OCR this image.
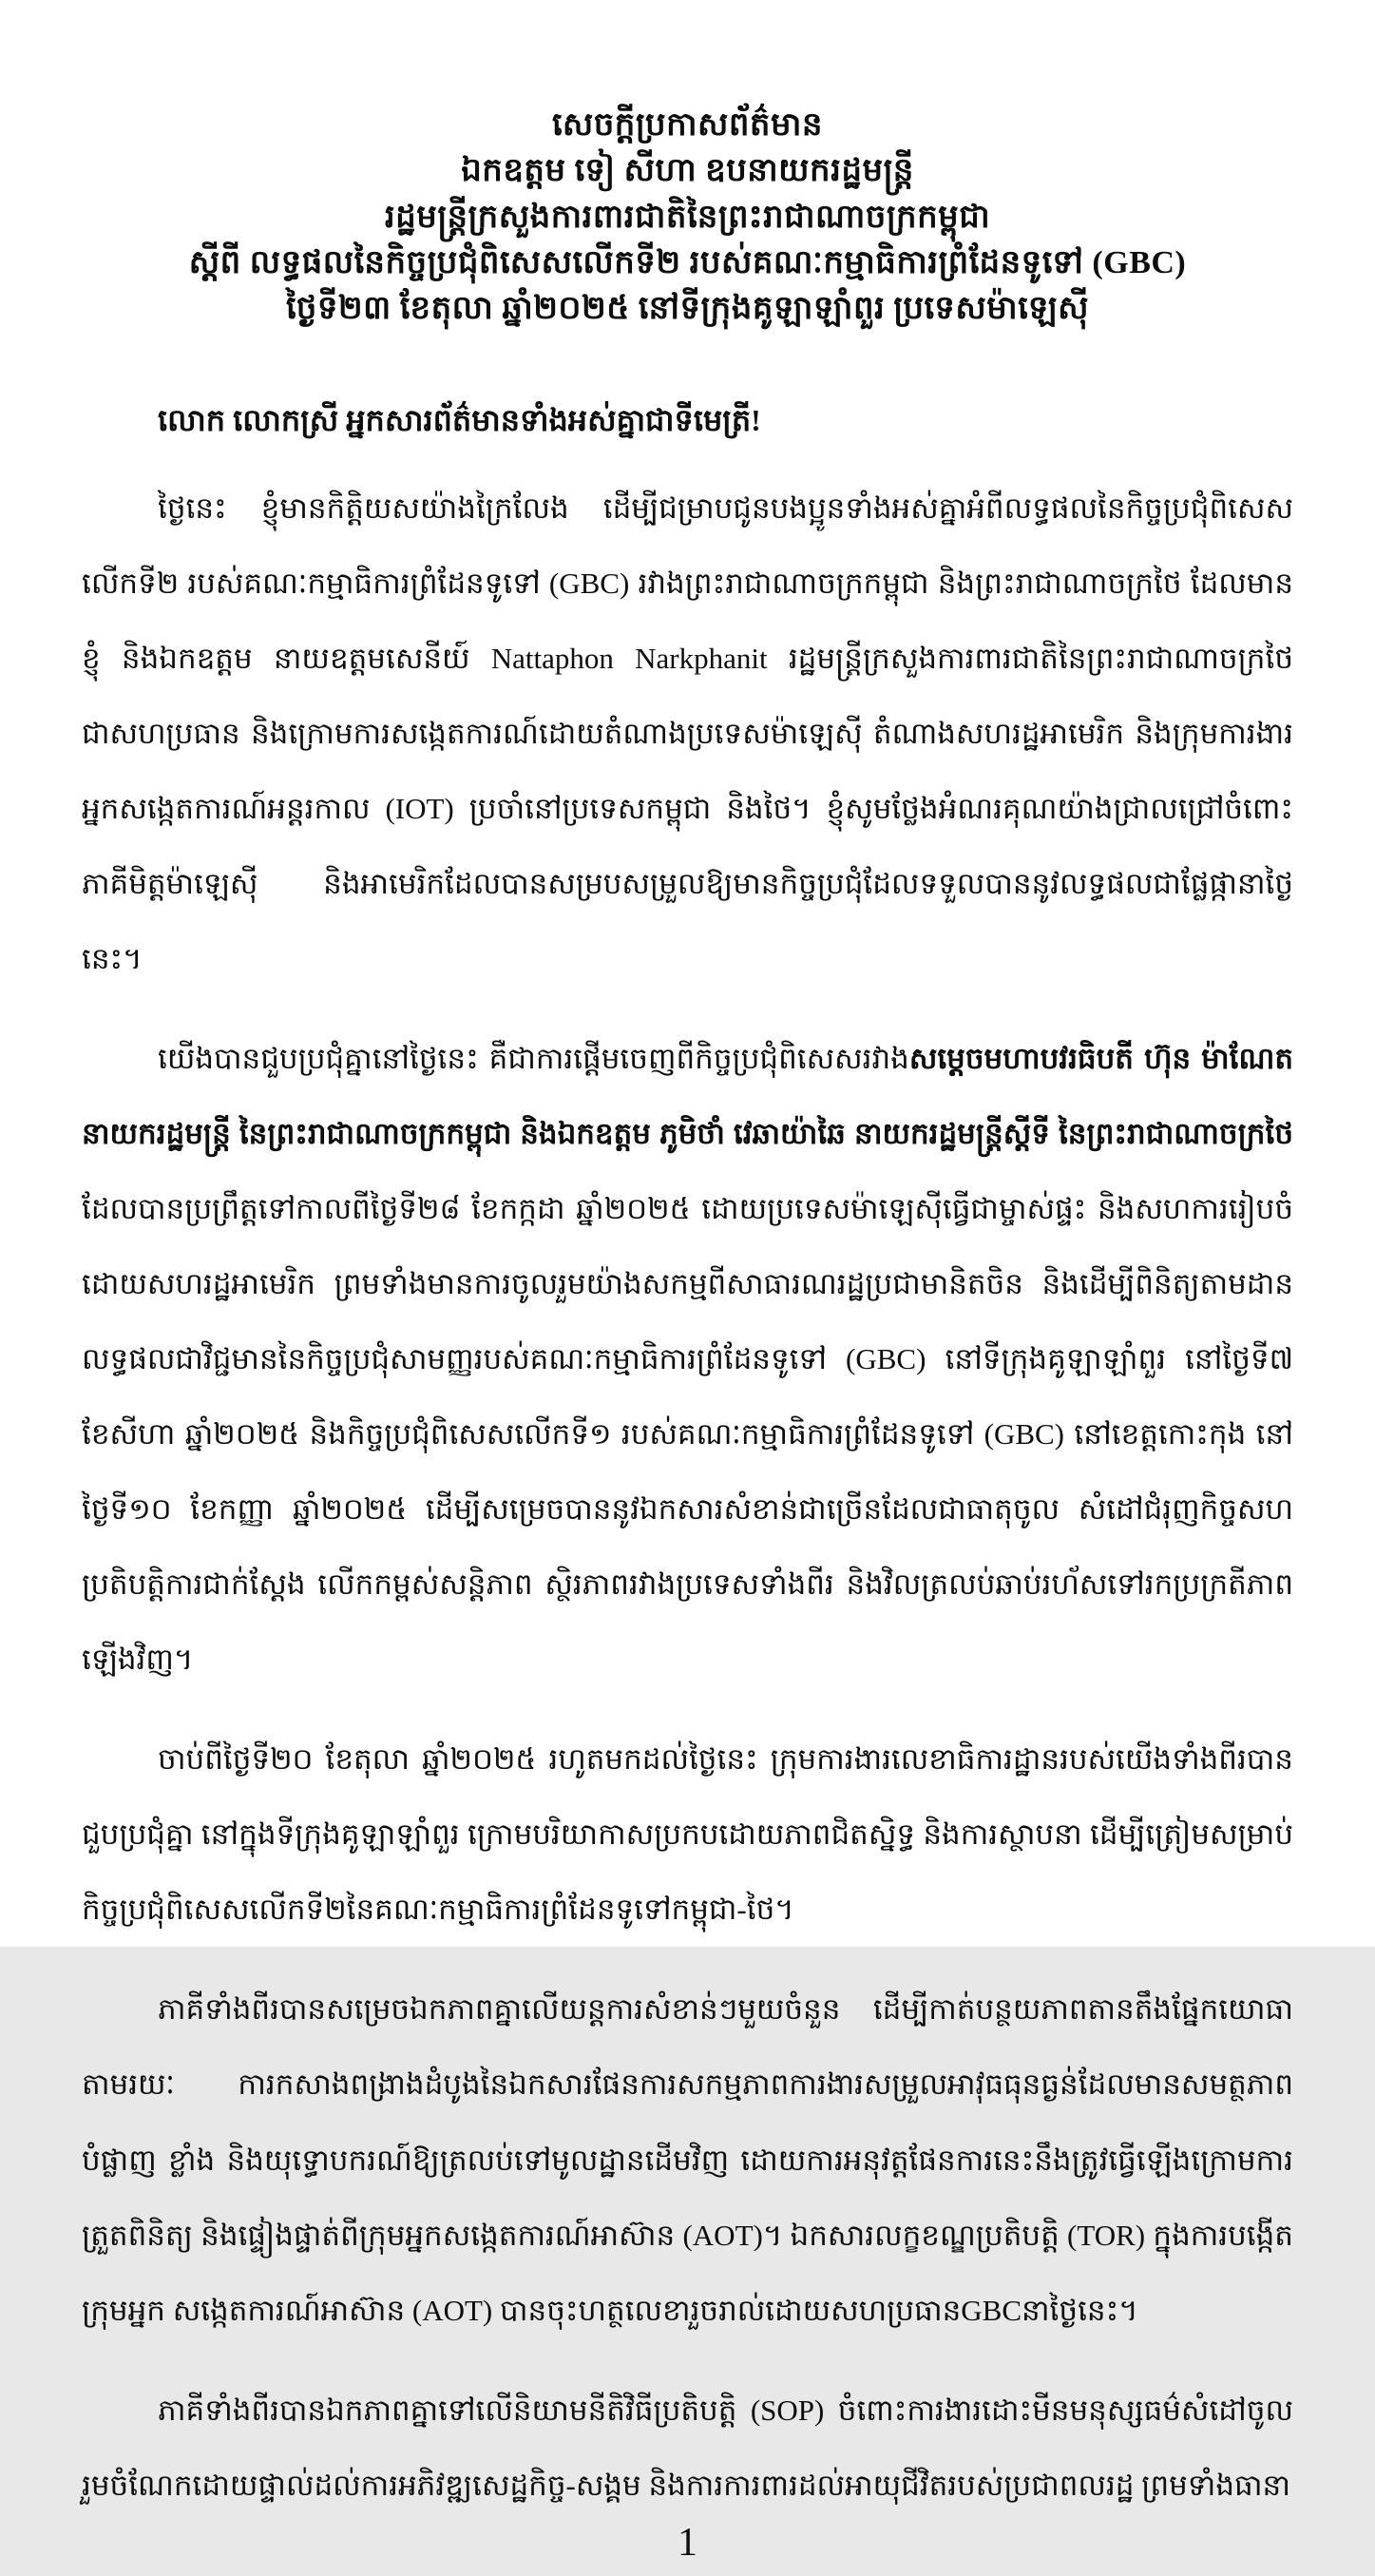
សេចក្តីប្រកាសព័ត៌មាន
ឯកឧត្តម ទៀ សីហា ឧបនាយករដ្ឋមន្ត្រី
រដ្ឋមន្ត្រីក្រសួងការពារជាតិនៃព្រះរាជាណាចក្រកម្ពុជា
ស្តីពី លទ្ធផលនៃកិច្ចប្រជុំពិសេសលើកទី២ របស់គណៈកម្មាធិការព្រំដែនទូទៅ (GBC)
ថ្ងៃទី២៣ ខែតុលា ឆ្នាំ២០២៥ នៅទីក្រុងគូឡាឡាំពួរ ប្រទេសម៉ាឡេស៊ី

លោក លោកស្រី អ្នកសារព័ត៌មានទាំងអស់គ្នាជាទីមេត្រី!

ថ្ងៃនេះ ខ្ញុំមានកិត្តិយសយ៉ាងក្រៃលែង ដើម្បីជម្រាបជូនបងប្អូនទាំងអស់គ្នាអំពីលទ្ធផលនៃកិច្ចប្រជុំពិសេស លើកទី២ របស់គណៈកម្មាធិការព្រំដែនទូទៅ (GBC) រវាងព្រះរាជាណាចក្រកម្ពុជា និងព្រះរាជាណាចក្រថៃ ដែលមាន ខ្ញុំ និងឯកឧត្តម នាយឧត្តមសេនីយ៍ Nattaphon Narkphanit រដ្ឋមន្ត្រីក្រសួងការពារជាតិនៃព្រះរាជាណាចក្រថៃ ជាសហប្រធាន និងក្រោមការសង្កេតការណ៍ដោយតំណាងប្រទេសម៉ាឡេស៊ី តំណាងសហរដ្ឋអាមេរិក និងក្រុមការងារ អ្នកសង្កេតការណ៍អន្តរកាល (IOT) ប្រចាំនៅប្រទេសកម្ពុជា និងថៃ។ ខ្ញុំសូមថ្លែងអំណរគុណយ៉ាងជ្រាលជ្រៅចំពោះ ភាគីមិត្តម៉ាឡេស៊ី និងអាមេរិកដែលបានសម្របសម្រួលឱ្យមានកិច្ចប្រជុំដែលទទួលបាននូវលទ្ធផលជាផ្លែផ្កានាថ្ងៃនេះ។

យើងបានជួបប្រជុំគ្នានៅថ្ងៃនេះ គឺជាការផ្តើមចេញពីកិច្ចប្រជុំពិសេសរវាងសម្តេចមហាបវរធិបតី ហ៊ុន ម៉ាណែត នាយករដ្ឋមន្ត្រី នៃព្រះរាជាណាចក្រកម្ពុជា និងឯកឧត្តម ភូមិថាំ វេឆាយ៉ាឆៃ នាយករដ្ឋមន្ត្រីស្តីទី នៃព្រះរាជាណាចក្រថៃ ដែលបានប្រព្រឹត្តទៅកាលពីថ្ងៃទី២៨ ខែកក្កដា ឆ្នាំ២០២៥ ដោយប្រទេសម៉ាឡេស៊ីធ្វើជាម្ចាស់ផ្ទះ និងសហការរៀបចំ ដោយសហរដ្ឋអាមេរិក ព្រមទាំងមានការចូលរួមយ៉ាងសកម្មពីសាធារណរដ្ឋប្រជាមានិតចិន និងដើម្បីពិនិត្យតាមដាន លទ្ធផលជាវិជ្ជមាននៃកិច្ចប្រជុំសាមញ្ញរបស់គណៈកម្មាធិការព្រំដែនទូទៅ (GBC) នៅទីក្រុងគូឡាឡាំពួរ នៅថ្ងៃទី៧ ខែសីហា ឆ្នាំ២០២៥ និងកិច្ចប្រជុំពិសេសលើកទី១ របស់គណៈកម្មាធិការព្រំដែនទូទៅ (GBC) នៅខេត្តកោះកុង នៅ ថ្ងៃទី១០ ខែកញ្ញា ឆ្នាំ២០២៥ ដើម្បីសម្រេចបាននូវឯកសារសំខាន់ជាច្រើនដែលជាធាតុចូល សំដៅជំរុញកិច្ចសហ ប្រតិបត្តិការជាក់ស្តែង លើកកម្ពស់សន្តិភាព ស្ថិរភាពរវាងប្រទេសទាំងពីរ និងវិលត្រលប់ឆាប់រហ័សទៅរកប្រក្រតីភាព ឡើងវិញ។

ចាប់ពីថ្ងៃទី២០ ខែតុលា ឆ្នាំ២០២៥ រហូតមកដល់ថ្ងៃនេះ ក្រុមការងារលេខាធិការដ្ឋានរបស់យើងទាំងពីរបាន ជួបប្រជុំគ្នា នៅក្នុងទីក្រុងគូឡាឡាំពួរ ក្រោមបរិយាកាសប្រកបដោយភាពជិតស្និទ្ធ និងការស្ថាបនា ដើម្បីត្រៀមសម្រាប់ កិច្ចប្រជុំពិសេសលើកទី២នៃគណៈកម្មាធិការព្រំដែនទូទៅកម្ពុជា-ថៃ។

ភាគីទាំងពីរបានសម្រេចឯកភាពគ្នាលើយន្តការសំខាន់ៗមួយចំនួន ដើម្បីកាត់បន្ថយភាពតានតឹងផ្នែកយោធា តាមរយៈ ការកសាងពង្រាងដំបូងនៃឯកសារផែនការសកម្មភាពការងារសម្រួលអាវុធធុនធ្ងន់ដែលមានសមត្ថភាពបំផ្លាញ ខ្លាំង និងយុទ្ធោបករណ៍ឱ្យត្រលប់ទៅមូលដ្ឋានដើមវិញ ដោយការអនុវត្តផែនការនេះនឹងត្រូវធ្វើឡើងក្រោមការត្រួតពិនិត្យ និងផ្ទៀងផ្ទាត់ពីក្រុមអ្នកសង្កេតការណ៍អាស៊ាន (AOT)។ ឯកសារលក្ខខណ្ឌប្រតិបត្តិ (TOR) ក្នុងការបង្កើតក្រុមអ្នក សង្កេតការណ៍អាស៊ាន (AOT) បានចុះហត្ថលេខារួចរាល់ដោយសហប្រធានGBCនាថ្ងៃនេះ។

ភាគីទាំងពីរបានឯកភាពគ្នាទៅលើនិយាមនីតិវិធីប្រតិបត្តិ (SOP) ចំពោះការងារដោះមីនមនុស្សធម៌សំដៅចូល រួមចំណែកដោយផ្ទាល់ដល់ការអភិវឌ្ឍសេដ្ឋកិច្ច-សង្គម និងការការពារដល់អាយុជីវិតរបស់ប្រជាពលរដ្ឋ ព្រមទាំងធានា

1
